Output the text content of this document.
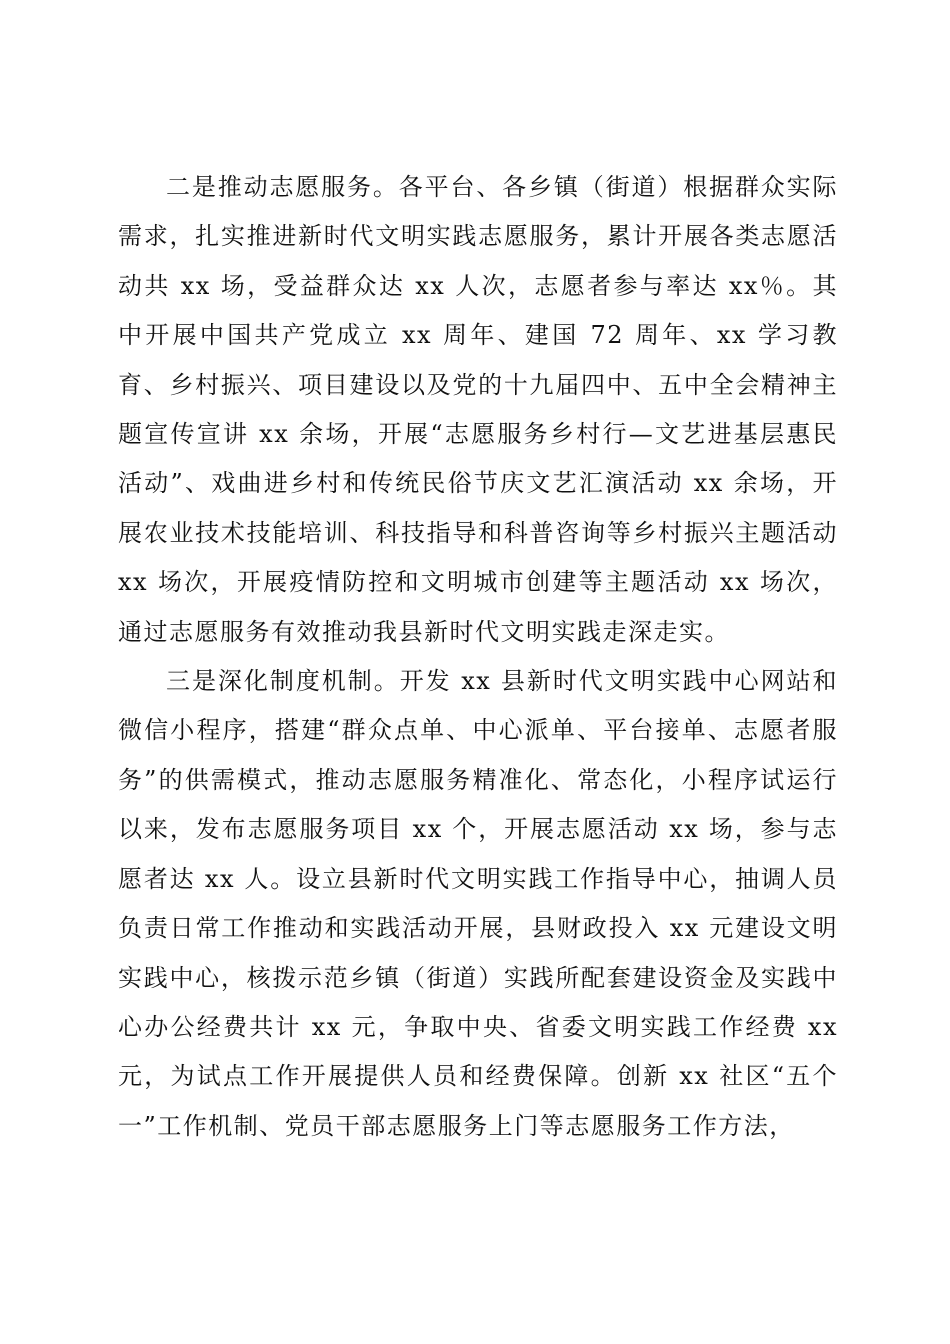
二是推动志愿服务。各平台、各乡镇（街道）根据群众实际需求，扎实推进新时代文明实践志愿服务，累计开展各类志愿活动共 xx 场，受益群众达 xx 人次，志愿者参与率达 xx％。其中开展中国共产党成立 xx 周年、建国 72 周年、xx 学习教育、乡村振兴、项目建设以及党的十九届四中、五中全会精神主题宣传宣讲 xx 余场，开展“志愿服务乡村行—文艺进基层惠民活动”、戏曲进乡村和传统民俗节庆文艺汇演活动 xx 余场，开展农业技术技能培训、科技指导和科普咨询等乡村振兴主题活动 xx 场次，开展疫情防控和文明城市创建等主题活动 xx 场次，通过志愿服务有效推动我县新时代文明实践走深走实。

三是深化制度机制。开发 xx 县新时代文明实践中心网站和微信小程序，搭建“群众点单、中心派单、平台接单、志愿者服务”的供需模式，推动志愿服务精准化、常态化，小程序试运行以来，发布志愿服务项目 xx 个，开展志愿活动 xx 场，参与志愿者达 xx 人。设立县新时代文明实践工作指导中心，抽调人员负责日常工作推动和实践活动开展，县财政投入 xx 元建设文明实践中心，核拨示范乡镇（街道）实践所配套建设资金及实践中心办公经费共计 xx 元，争取中央、省委文明实践工作经费 xx 元，为试点工作开展提供人员和经费保障。创新 xx 社区“五个一”工作机制、党员干部志愿服务上门等志愿服务工作方法，
